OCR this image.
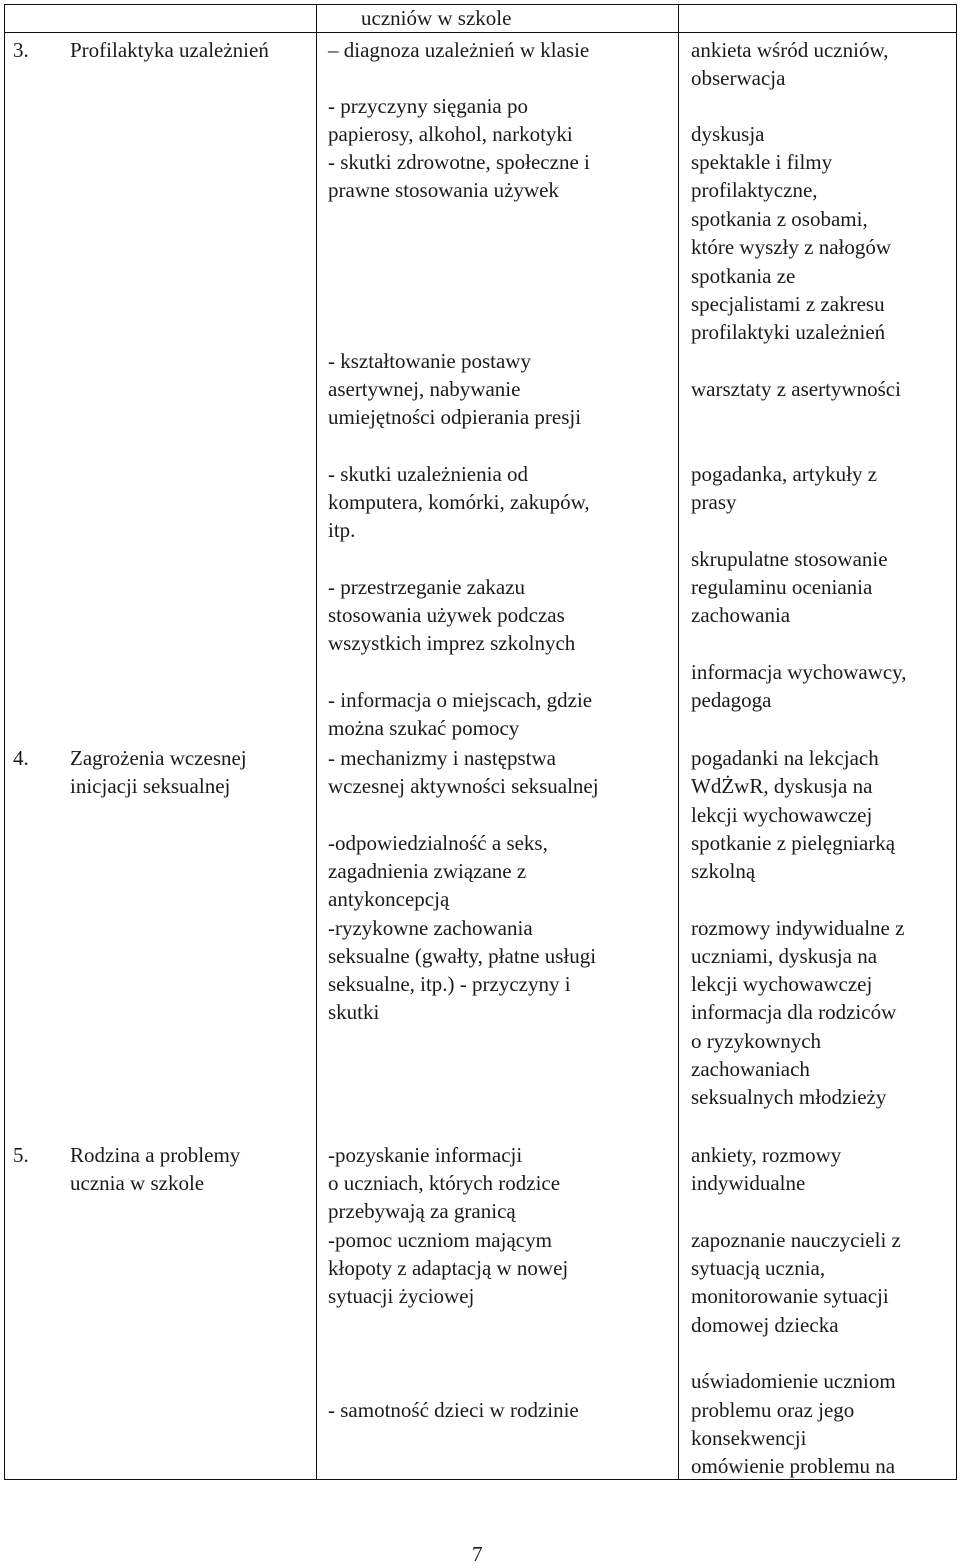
uczniów w szkole
3. Profilaktyka uzależnień	– diagnoza uzależnień w klasie
- przyczyny sięgania po
papierosy, alkohol, narkotyki
- skutki zdrowotne, społeczne i
prawne stosowania używek
- kształtowanie postawy
asertywnej, nabywanie
umiejętności odpierania presji
- skutki uzależnienia od
komputera, komórki, zakupów,
itp.
- przestrzeganie zakazu
stosowania używek podczas
wszystkich imprez szkolnych
- informacja o miejscach, gdzie
można szukać pomocy
ankieta wśród uczniów,
obserwacja
dyskusja
spektakle i filmy
profilaktyczne,
spotkania z osobami,
które wyszły z nałogów
spotkania ze
specjalistami z zakresu
profilaktyki uzależnień
warsztaty z asertywności
pogadanka, artykuły z
prasy
skrupulatne stosowanie
regulaminu oceniania
zachowania
informacja wychowawcy,
pedagoga
4. Zagrożenia wczesnej
inicjacji seksualnej
- mechanizmy i następstwa
wczesnej aktywności seksualnej
-odpowiedzialność a seks,
zagadnienia związane z
antykoncepcją
-ryzykowne zachowania
seksualne (gwałty, płatne usługi
seksualne, itp.) - przyczyny i
skutki
pogadanki na lekcjach
WdŻwR, dyskusja na
lekcji wychowawczej
spotkanie z pielęgniarką
szkolną
rozmowy indywidualne z
uczniami, dyskusja na
lekcji wychowawczej
informacja dla rodziców
o ryzykownych
zachowaniach
seksualnych młodzieży
5. Rodzina a problemy
ucznia w szkole
-pozyskanie informacji
o uczniach, których rodzice
przebywają za granicą
-pomoc uczniom mającym
kłopoty z adaptacją w nowej
sytuacji życiowej
- samotność dzieci w rodzinie
ankiety, rozmowy
indywidualne
zapoznanie nauczycieli z
sytuacją ucznia,
monitorowanie sytuacji
domowej dziecka
uświadomienie uczniom
problemu oraz jego
konsekwencji
omówienie problemu na
7
